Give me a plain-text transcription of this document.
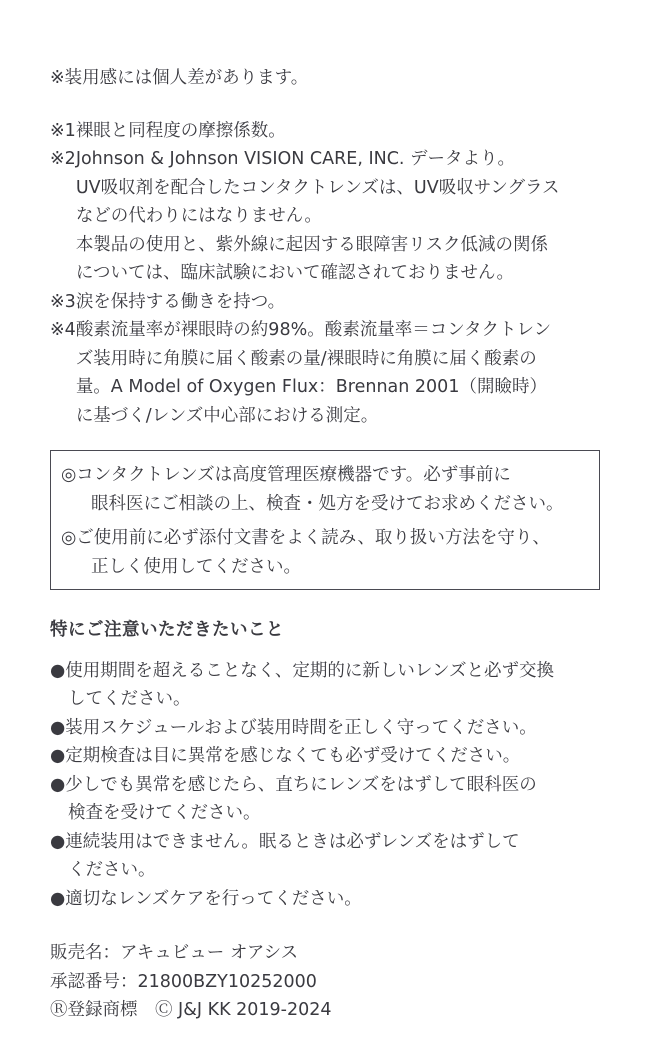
※装用感には個人差があります。
※1 裸眼と同程度の摩擦係数。
※2 Johnson & Johnson VISION CARE, INC. データより。
UV吸収剤を配合したコンタクトレンズは、UV吸収サングラス
などの代わりにはなりません。
本製品の使用と、紫外線に起因する眼障害リスク低減の関係
については、臨床試験において確認されておりません。
※3 涙を保持する働きを持つ。
※4 酸素流量率が裸眼時の約98%。酸素流量率＝コンタクトレン
ズ装用時に角膜に届く酸素の量/裸眼時に角膜に届く酸素の
量。A Model of Oxygen Flux：Brennan 2001（開瞼時）
に基づく/レンズ中心部における測定。
◎コンタクトレンズは高度管理医療機器です。必ず事前に
眼科医にご相談の上、検査・処方を受けてお求めください。
◎ご使用前に必ず添付文書をよく読み、取り扱い方法を守り、
正しく使用してください。
特にご注意いただきたいこと
●使用期間を超えることなく、定期的に新しいレンズと必ず交換
してください。
●装用スケジュールおよび装用時間を正しく守ってください。
●定期検査は目に異常を感じなくても必ず受けてください。
●少しでも異常を感じたら、直ちにレンズをはずして眼科医の
検査を受けてください。
●連続装用はできません。眠るときは必ずレンズをはずして
ください。
●適切なレンズケアを行ってください。
販売名：アキュビュー オアシス
承認番号：21800BZY10252000
Ⓡ登録商標　Ⓒ J&J KK 2019-2024
